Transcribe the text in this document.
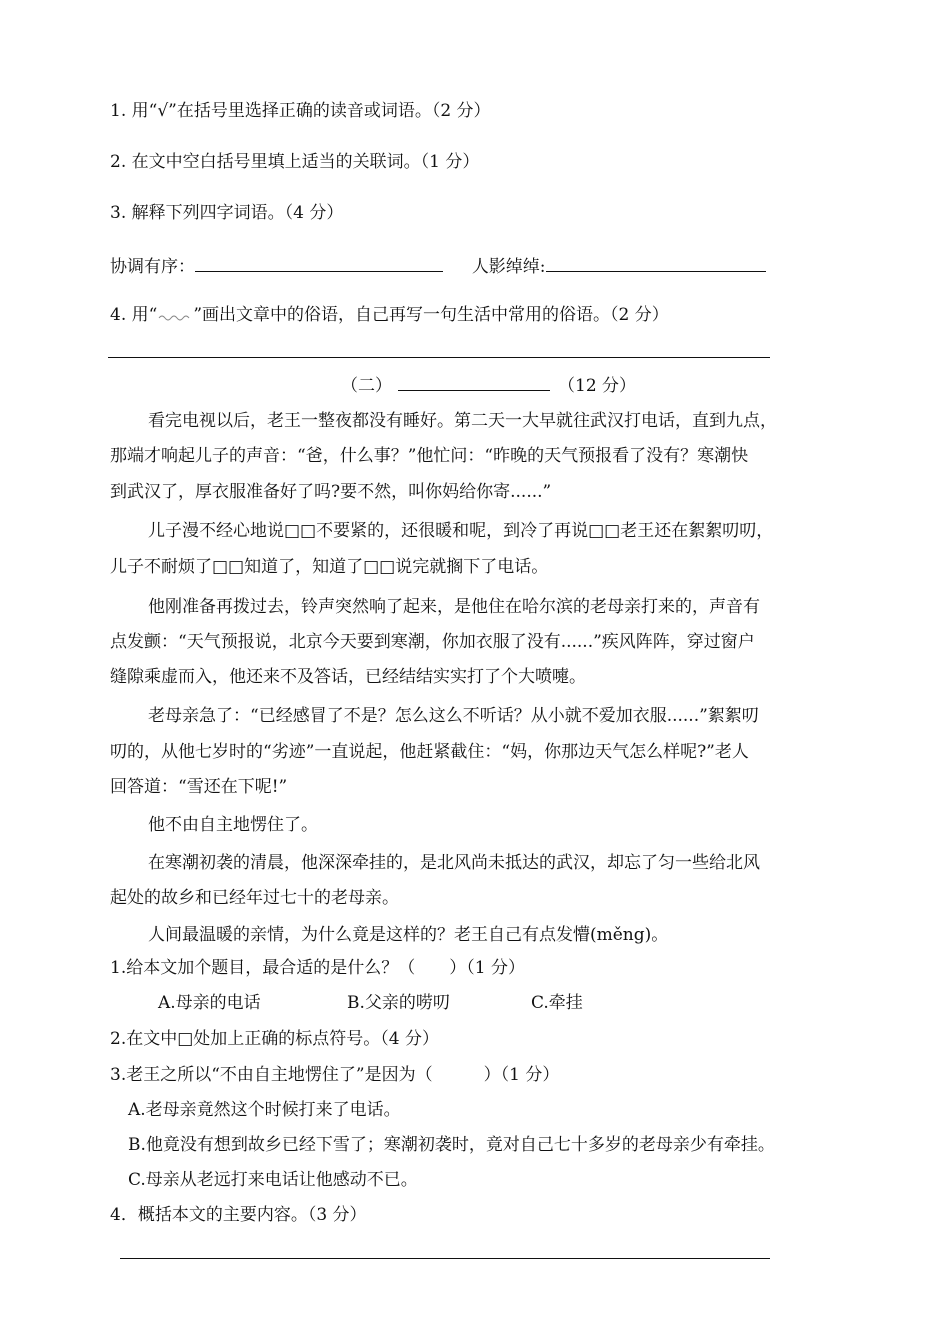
1. 用“√”在括号里选择正确的读音或词语。（2 分）
2. 在文中空白括号里填上适当的关联词。（1 分）
3. 解释下列四字词语。（4 分）
协调有序：	人影绰绰:
4. 用“ ”画出文章中的俗语，自己再写一句生活中常用的俗语。（2 分）
（二）	（12 分）
看完电视以后，老王一整夜都没有睡好。第二天一大早就往武汉打电话，直到九点，
那端才响起儿子的声音：“爸，什么事？”他忙问：“昨晚的天气预报看了没有？寒潮快
到武汉了，厚衣服准备好了吗?要不然，叫你妈给你寄......”
儿子漫不经心地说□□不要紧的，还很暖和呢，到冷了再说□□老王还在絮絮叨叨，
儿子不耐烦了□□知道了，知道了□□说完就搁下了电话。
他刚准备再拨过去，铃声突然响了起来，是他住在哈尔滨的老母亲打来的，声音有
点发颤：“天气预报说，北京今天要到寒潮，你加衣服了没有......”疾风阵阵，穿过窗户
缝隙乘虚而入，他还来不及答话，已经结结实实打了个大喷嚏。
老母亲急了：“已经感冒了不是？怎么这么不听话？从小就不爱加衣服......”絮絮叨
叨的，从他七岁时的“劣迹”一直说起，他赶紧截住：“妈，你那边天气怎么样呢?”老人
回答道：“雪还在下呢!”
他不由自主地愣住了。
在寒潮初袭的清晨，他深深牵挂的，是北风尚未抵达的武汉，却忘了匀一些给北风
起处的故乡和已经年过七十的老母亲。
人间最温暖的亲情，为什么竟是这样的？老王自己有点发懵(měng)。
1.给本文加个题目，最合适的是什么？（　　）（1 分）
A.母亲的电话	B.父亲的唠叨	C.牵挂
2.在文中□处加上正确的标点符号。（4 分）
3.老王之所以“不由自主地愣住了”是因为（　　　）（1 分）
A.老母亲竟然这个时候打来了电话。
B.他竟没有想到故乡已经下雪了；寒潮初袭时，竟对自己七十多岁的老母亲少有牵挂。
C.母亲从老远打来电话让他感动不已。
4．概括本文的主要内容。（3 分）
